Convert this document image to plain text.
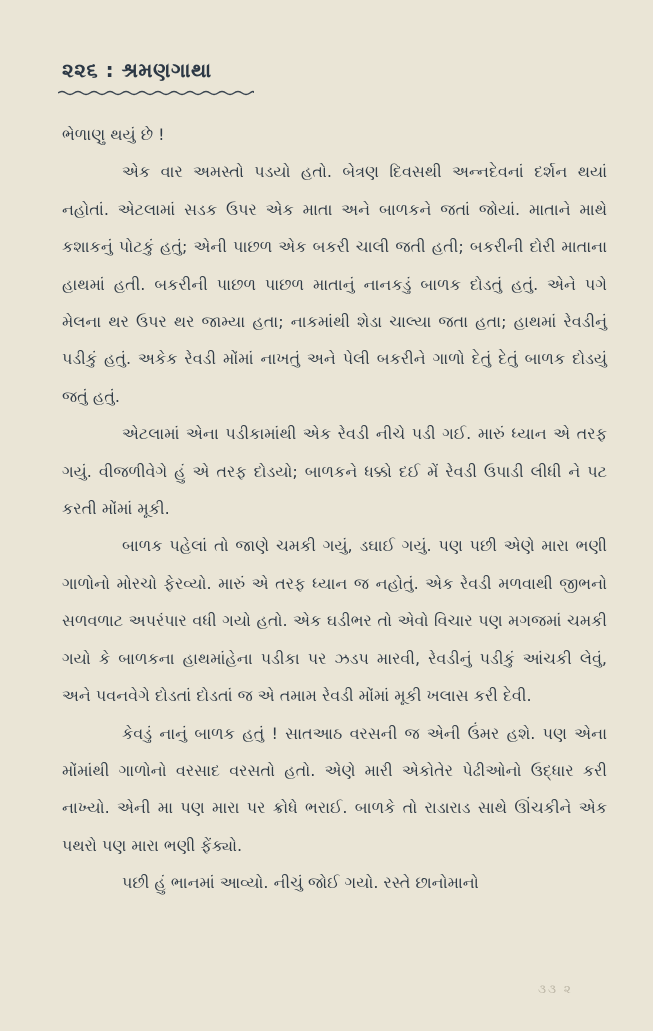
૨૨૬ : શ્રમણગાથા

ભેળાણુ થયું છે !

એક વાર અમસ્તો પડયો હતો. બેત્રણ દિવસથી અન્નદેવનાં દર્શન થયાં નહોતાં. એટલામાં સડક ઉપર એક માતા અને બાળકને જતાં જોયાં. માતાને માથે કશાકનું પોટકું હતું; એની પાછળ એક બકરી ચાલી જતી હતી; બકરીની દોરી માતાના હાથમાં હતી. બકરીની પાછળ પાછળ માતાનું નાનકડું બાળક દોડતું હતું. એને પગે મેલના થર ઉપર થર જામ્યા હતા; નાકમાંથી શેડા ચાલ્યા જતા હતા; હાથમાં રેવડીનું પડીકું હતું. અકેક રેવડી મોંમાં નાખતું અને પેલી બકરીને ગાળો દેતું દેતું બાળક દોડયું જતું હતું.

એટલામાં એના પડીકામાંથી એક રેવડી નીચે પડી ગઈ. મારું ધ્યાન એ તરફ ગયું. વીજળીવેગે હું એ તરફ દોડયો; બાળકને ધક્કો દઈ મેં રેવડી ઉપાડી લીધી ને પટ કરતી મોંમાં મૂકી.

બાળક પહેલાં તો જાણે ચમકી ગયું, ડઘાઈ ગયું. પણ પછી એણે મારા ભણી ગાળોનો મોરચો ફેરવ્યો. મારું એ તરફ ધ્યાન જ નહોતું. એક રેવડી મળવાથી જીભનો સળવળાટ અપરંપાર વધી ગયો હતો. એક ઘડીભર તો એવો વિચાર પણ મગજમાં ચમકી ગયો કે બાળકના હાથમાંહેના પડીકા પર ઝડપ મારવી, રેવડીનું પડીકું આંચકી લેવું, અને પવનવેગે દોડતાં દોડતાં જ એ તમામ રેવડી મોંમાં મૂકી ખલાસ કરી દેવી.

કેવડું નાનું બાળક હતું ! સાતઆઠ વરસની જ એની ઉંમર હશે. પણ એના મોંમાંથી ગાળોનો વરસાદ વરસતો હતો. એણે મારી એકોતેર પેઢીઓનો ઉદ્ધાર કરી નાખ્યો. એની મા પણ મારા પર ક્રોધે ભરાઈ. બાળકે તો રાડારાડ સાથે ઊંચકીને એક પથરો પણ મારા ભણી ફેંક્યો.

પછી હું ભાનમાં આવ્યો. નીચું જોઈ ગયો. રસ્તે છાનોમાનો

૩૩ ૨
